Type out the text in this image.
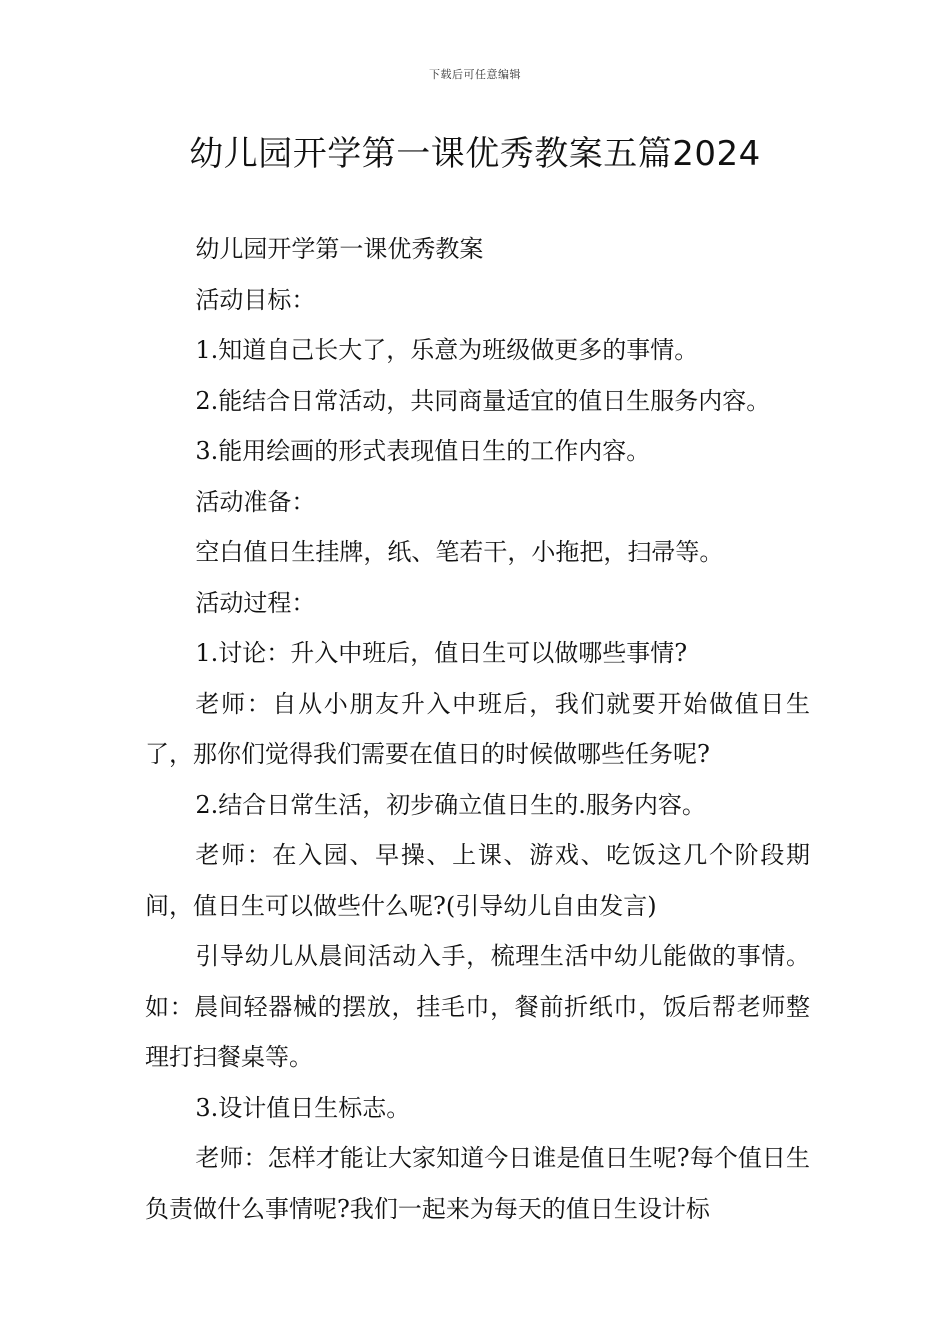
下载后可任意编辑
幼儿园开学第一课优秀教案五篇2024

幼儿园开学第一课优秀教案

活动目标：

1.知道自己长大了，乐意为班级做更多的事情。

2.能结合日常活动，共同商量适宜的值日生服务内容。

3.能用绘画的形式表现值日生的工作内容。

活动准备：

空白值日生挂牌，纸、笔若干，小拖把，扫帚等。

活动过程：

1.讨论：升入中班后，值日生可以做哪些事情?

老师：自从小朋友升入中班后，我们就要开始做值日生了，那你们觉得我们需要在值日的时候做哪些任务呢?

2.结合日常生活，初步确立值日生的.服务内容。

老师：在入园、早操、上课、游戏、吃饭这几个阶段期间，值日生可以做些什么呢?(引导幼儿自由发言)

引导幼儿从晨间活动入手，梳理生活中幼儿能做的事情。如：晨间轻器械的摆放，挂毛巾，餐前折纸巾，饭后帮老师整理打扫餐桌等。

3.设计值日生标志。

老师：怎样才能让大家知道今日谁是值日生呢?每个值日生负责做什么事情呢?我们一起来为每天的值日生设计标
